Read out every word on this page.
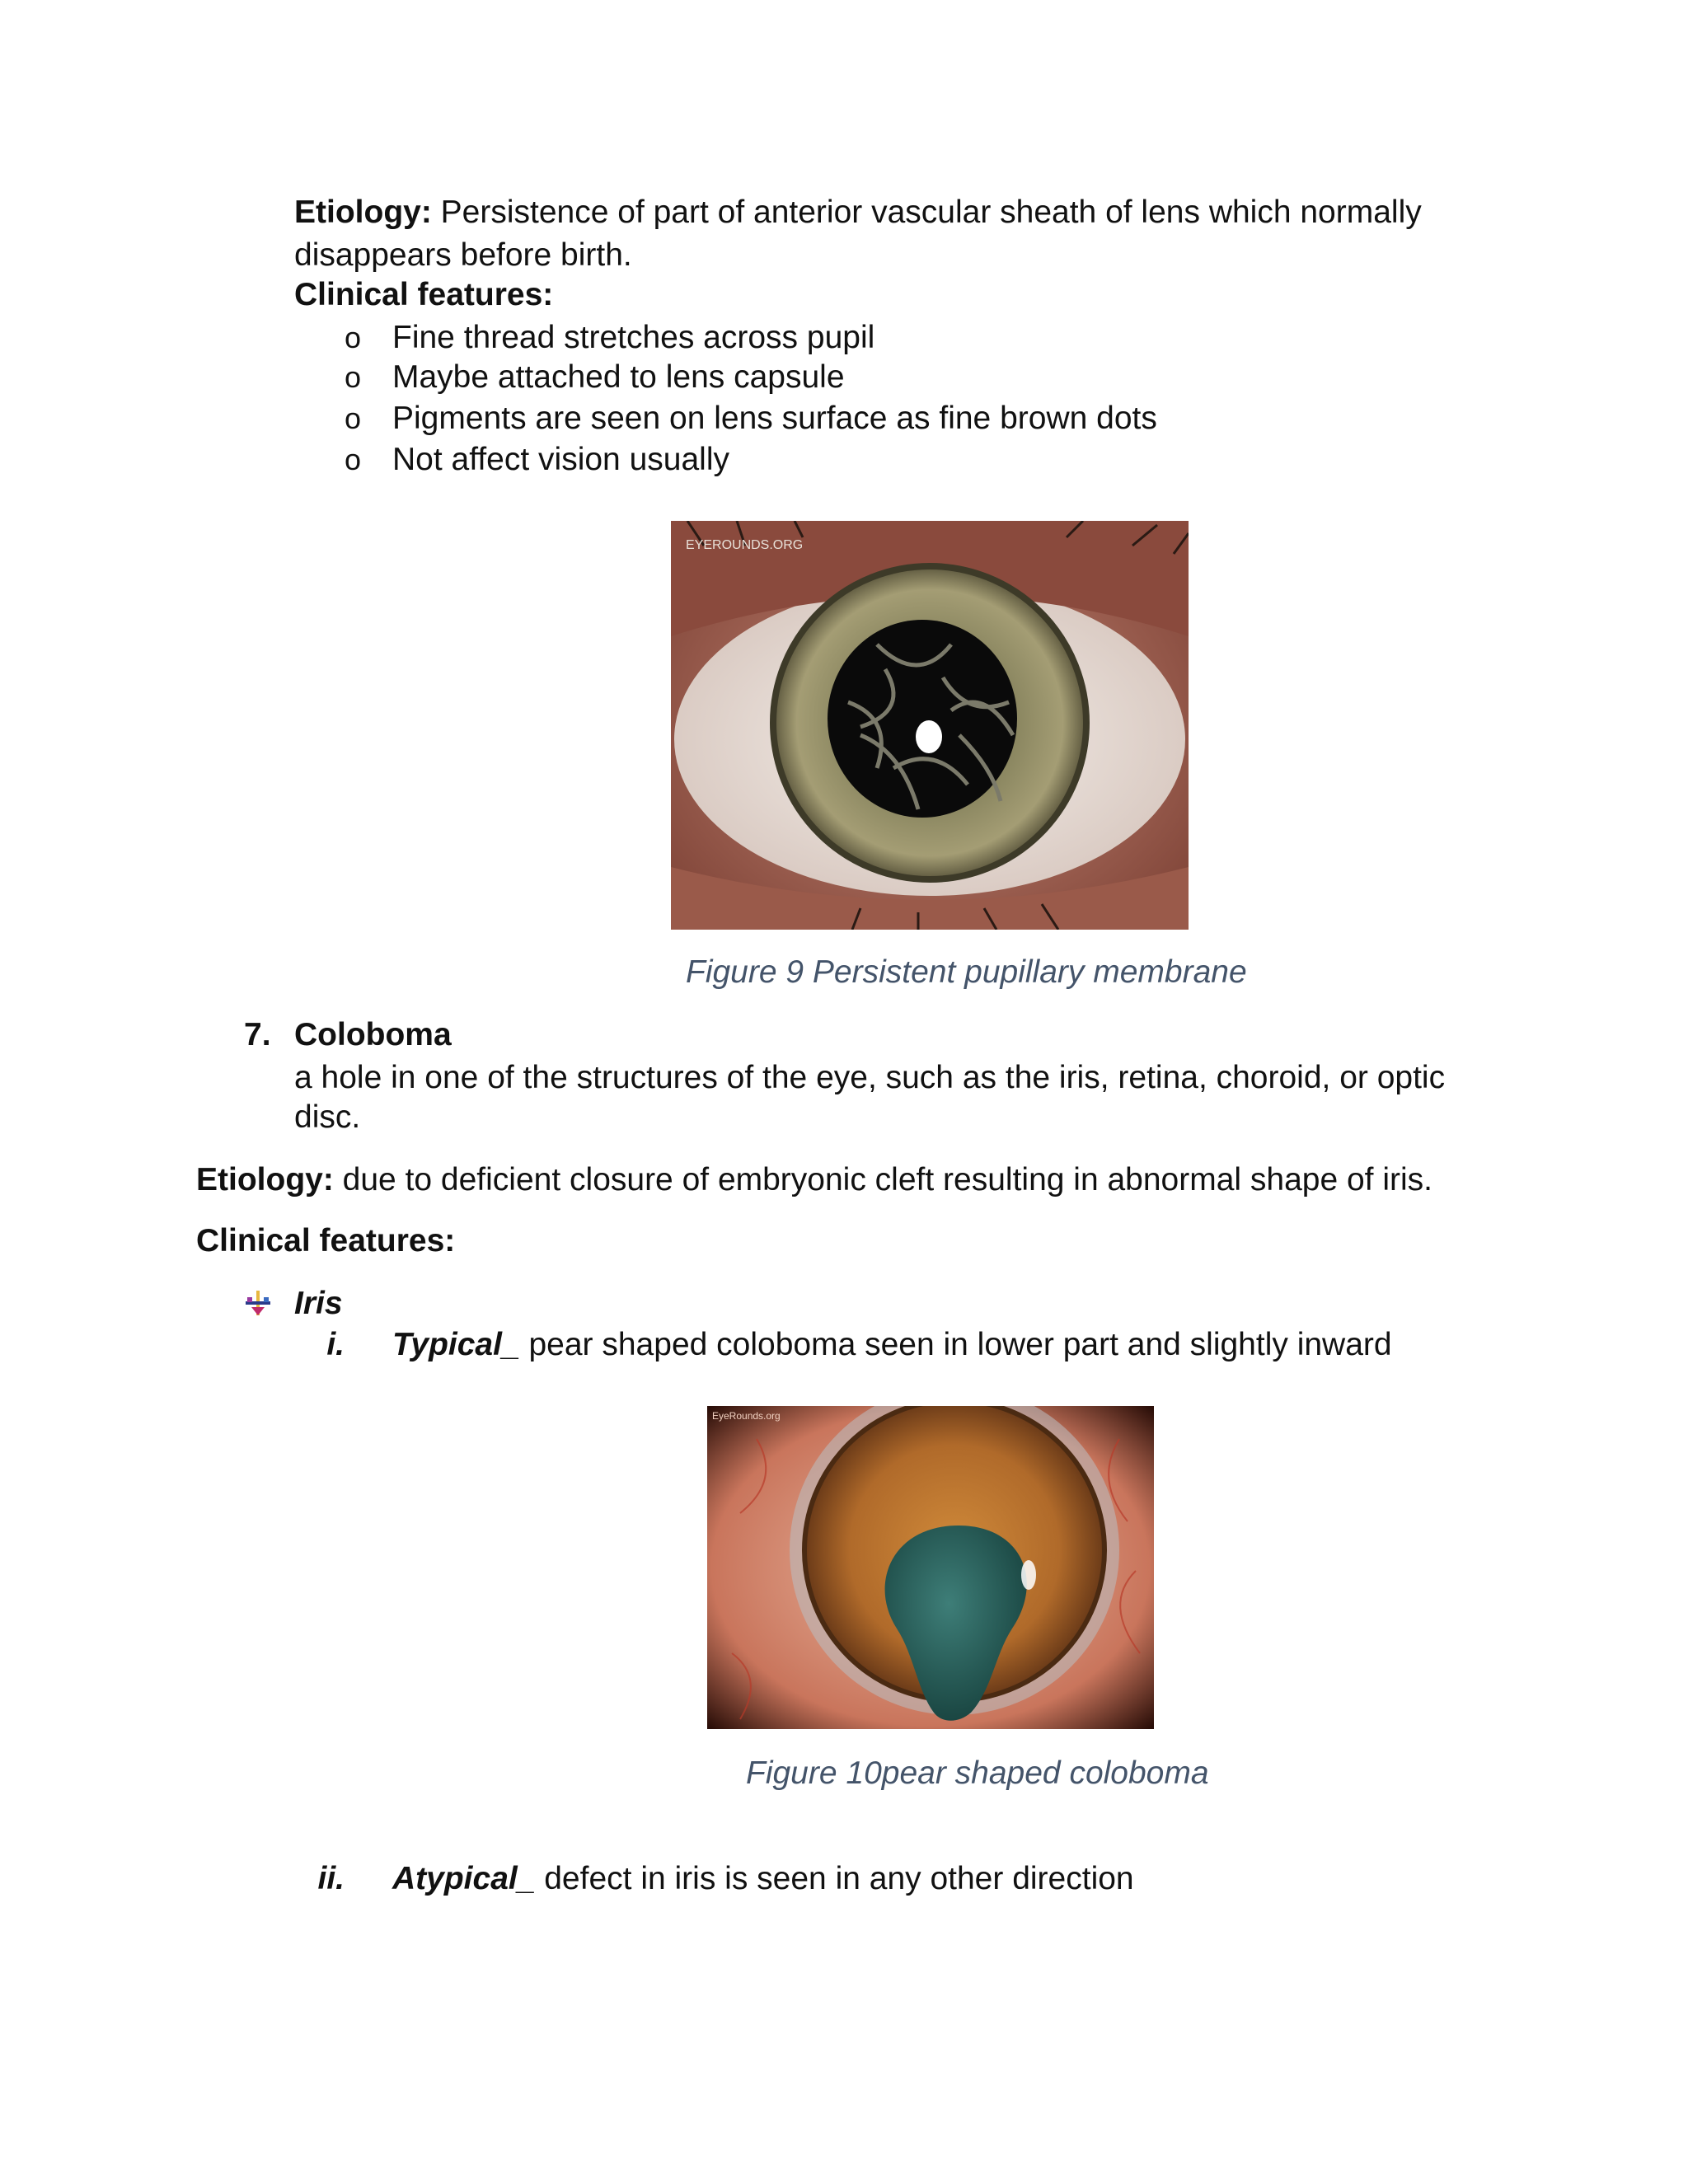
Etiology: Persistence of part of anterior vascular sheath of lens which normally
disappears before birth.
Clinical features:
o Fine thread stretches across pupil
o Maybe attached to lens capsule
o Pigments are seen on lens surface as fine brown dots
o Not affect vision usually
EYEROUNDS.ORG
Figure 9 Persistent pupillary membrane
7. Coloboma
a hole in one of the structures of the eye, such as the iris, retina, choroid, or optic
disc.
Etiology: due to deficient closure of embryonic cleft resulting in abnormal shape of iris.
Clinical features:
Iris
i. Typical_ pear shaped coloboma seen in lower part and slightly inward
EyeRounds.org
Figure 10pear shaped coloboma
ii. Atypical_ defect in iris is seen in any other direction
